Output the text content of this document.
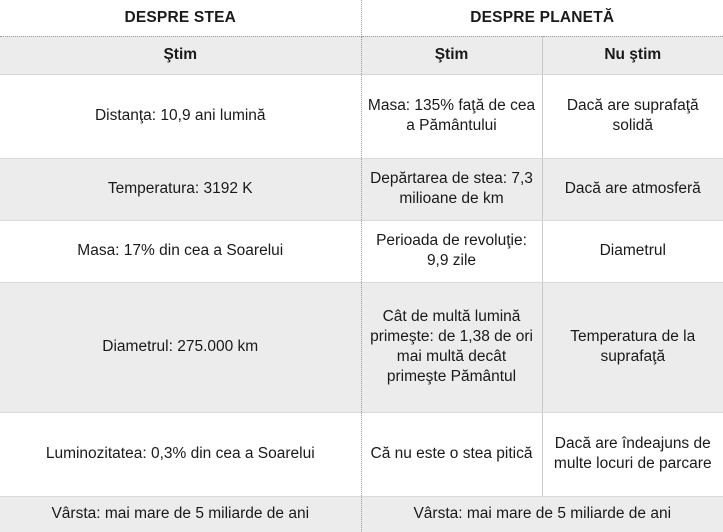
DESPRE STEA	DESPRE PLANETĂ	
Ştim	Ştim	Nu ştim
Distanţa: 10,9 ani lumină	Masa: 135% faţă de cea a Pământului	Dacă are suprafaţă solidă
Temperatura: 3192 K	Depărtarea de stea: 7,3 milioane de km	Dacă are atmosferă
Masa: 17% din cea a Soarelui	Perioada de revoluţie: 9,9 zile	Diametrul
Diametrul: 275.000 km	Cât de multă lumină primeşte: de 1,38 de ori mai multă decât primeşte Pământul	Temperatura de la suprafaţă
Luminozitatea: 0,3% din cea a Soarelui	Că nu este o stea pitică	Dacă are îndeajuns de multe locuri de parcare
Vârsta: mai mare de 5 miliarde de ani	Vârsta: mai mare de 5 miliarde de ani	
